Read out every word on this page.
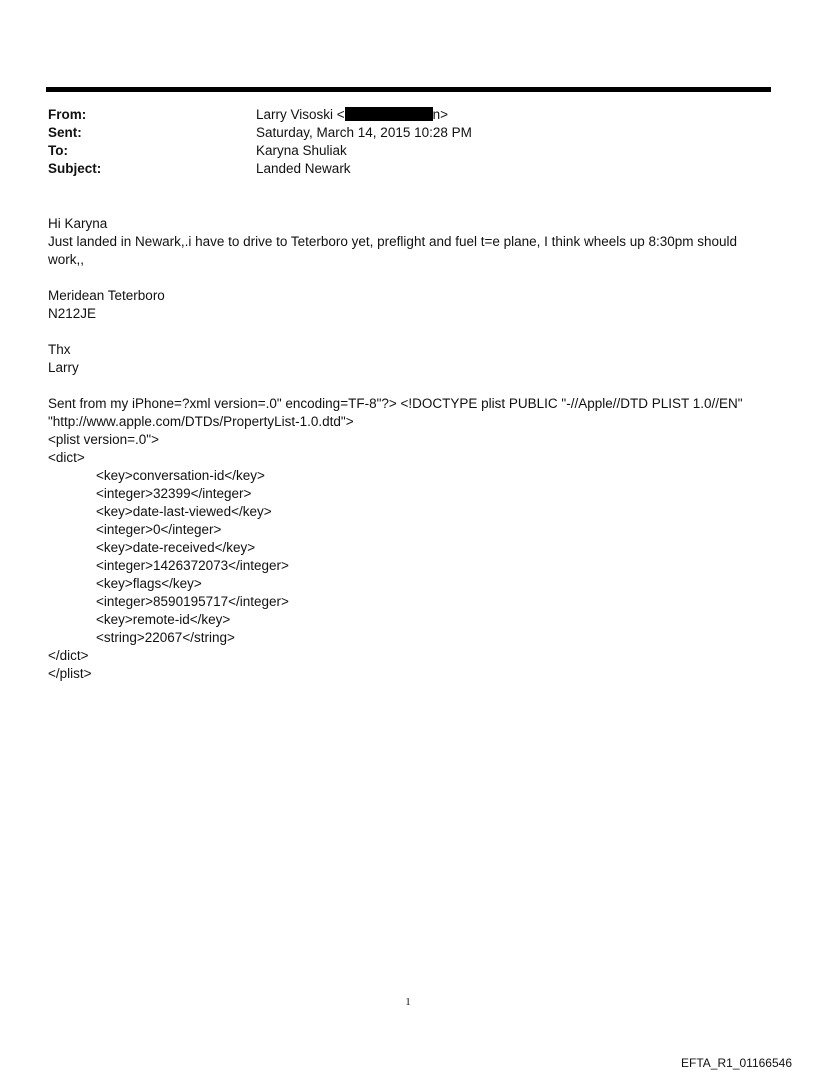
From:	Larry Visoski <	n>
Sent:	Saturday, March 14, 2015 10:28 PM
To:	Karyna Shuliak
Subject:	Landed Newark

Hi Karyna

Just landed in Newark,.i have to drive to Teterboro yet, preflight and fuel t=e plane, I think wheels up 8:30pm should work,,

Meridean Teterboro

N212JE

Thx

Larry

Sent from my iPhone=?xml version=.0" encoding=TF-8"?> <!DOCTYPE plist PUBLIC "-//Apple//DTD PLIST 1.0//EN"

"http://www.apple.com/DTDs/PropertyList-1.0.dtd">

<plist version=.0">

<dict>

<key>conversation-id</key>

<integer>32399</integer>

<key>date-last-viewed</key>

<integer>0</integer>

<key>date-received</key>

<integer>1426372073</integer>

<key>flags</key>

<integer>8590195717</integer>

<key>remote-id</key>

<string>22067</string>

</dict>

</plist>

1
EFTA_R1_01166546
